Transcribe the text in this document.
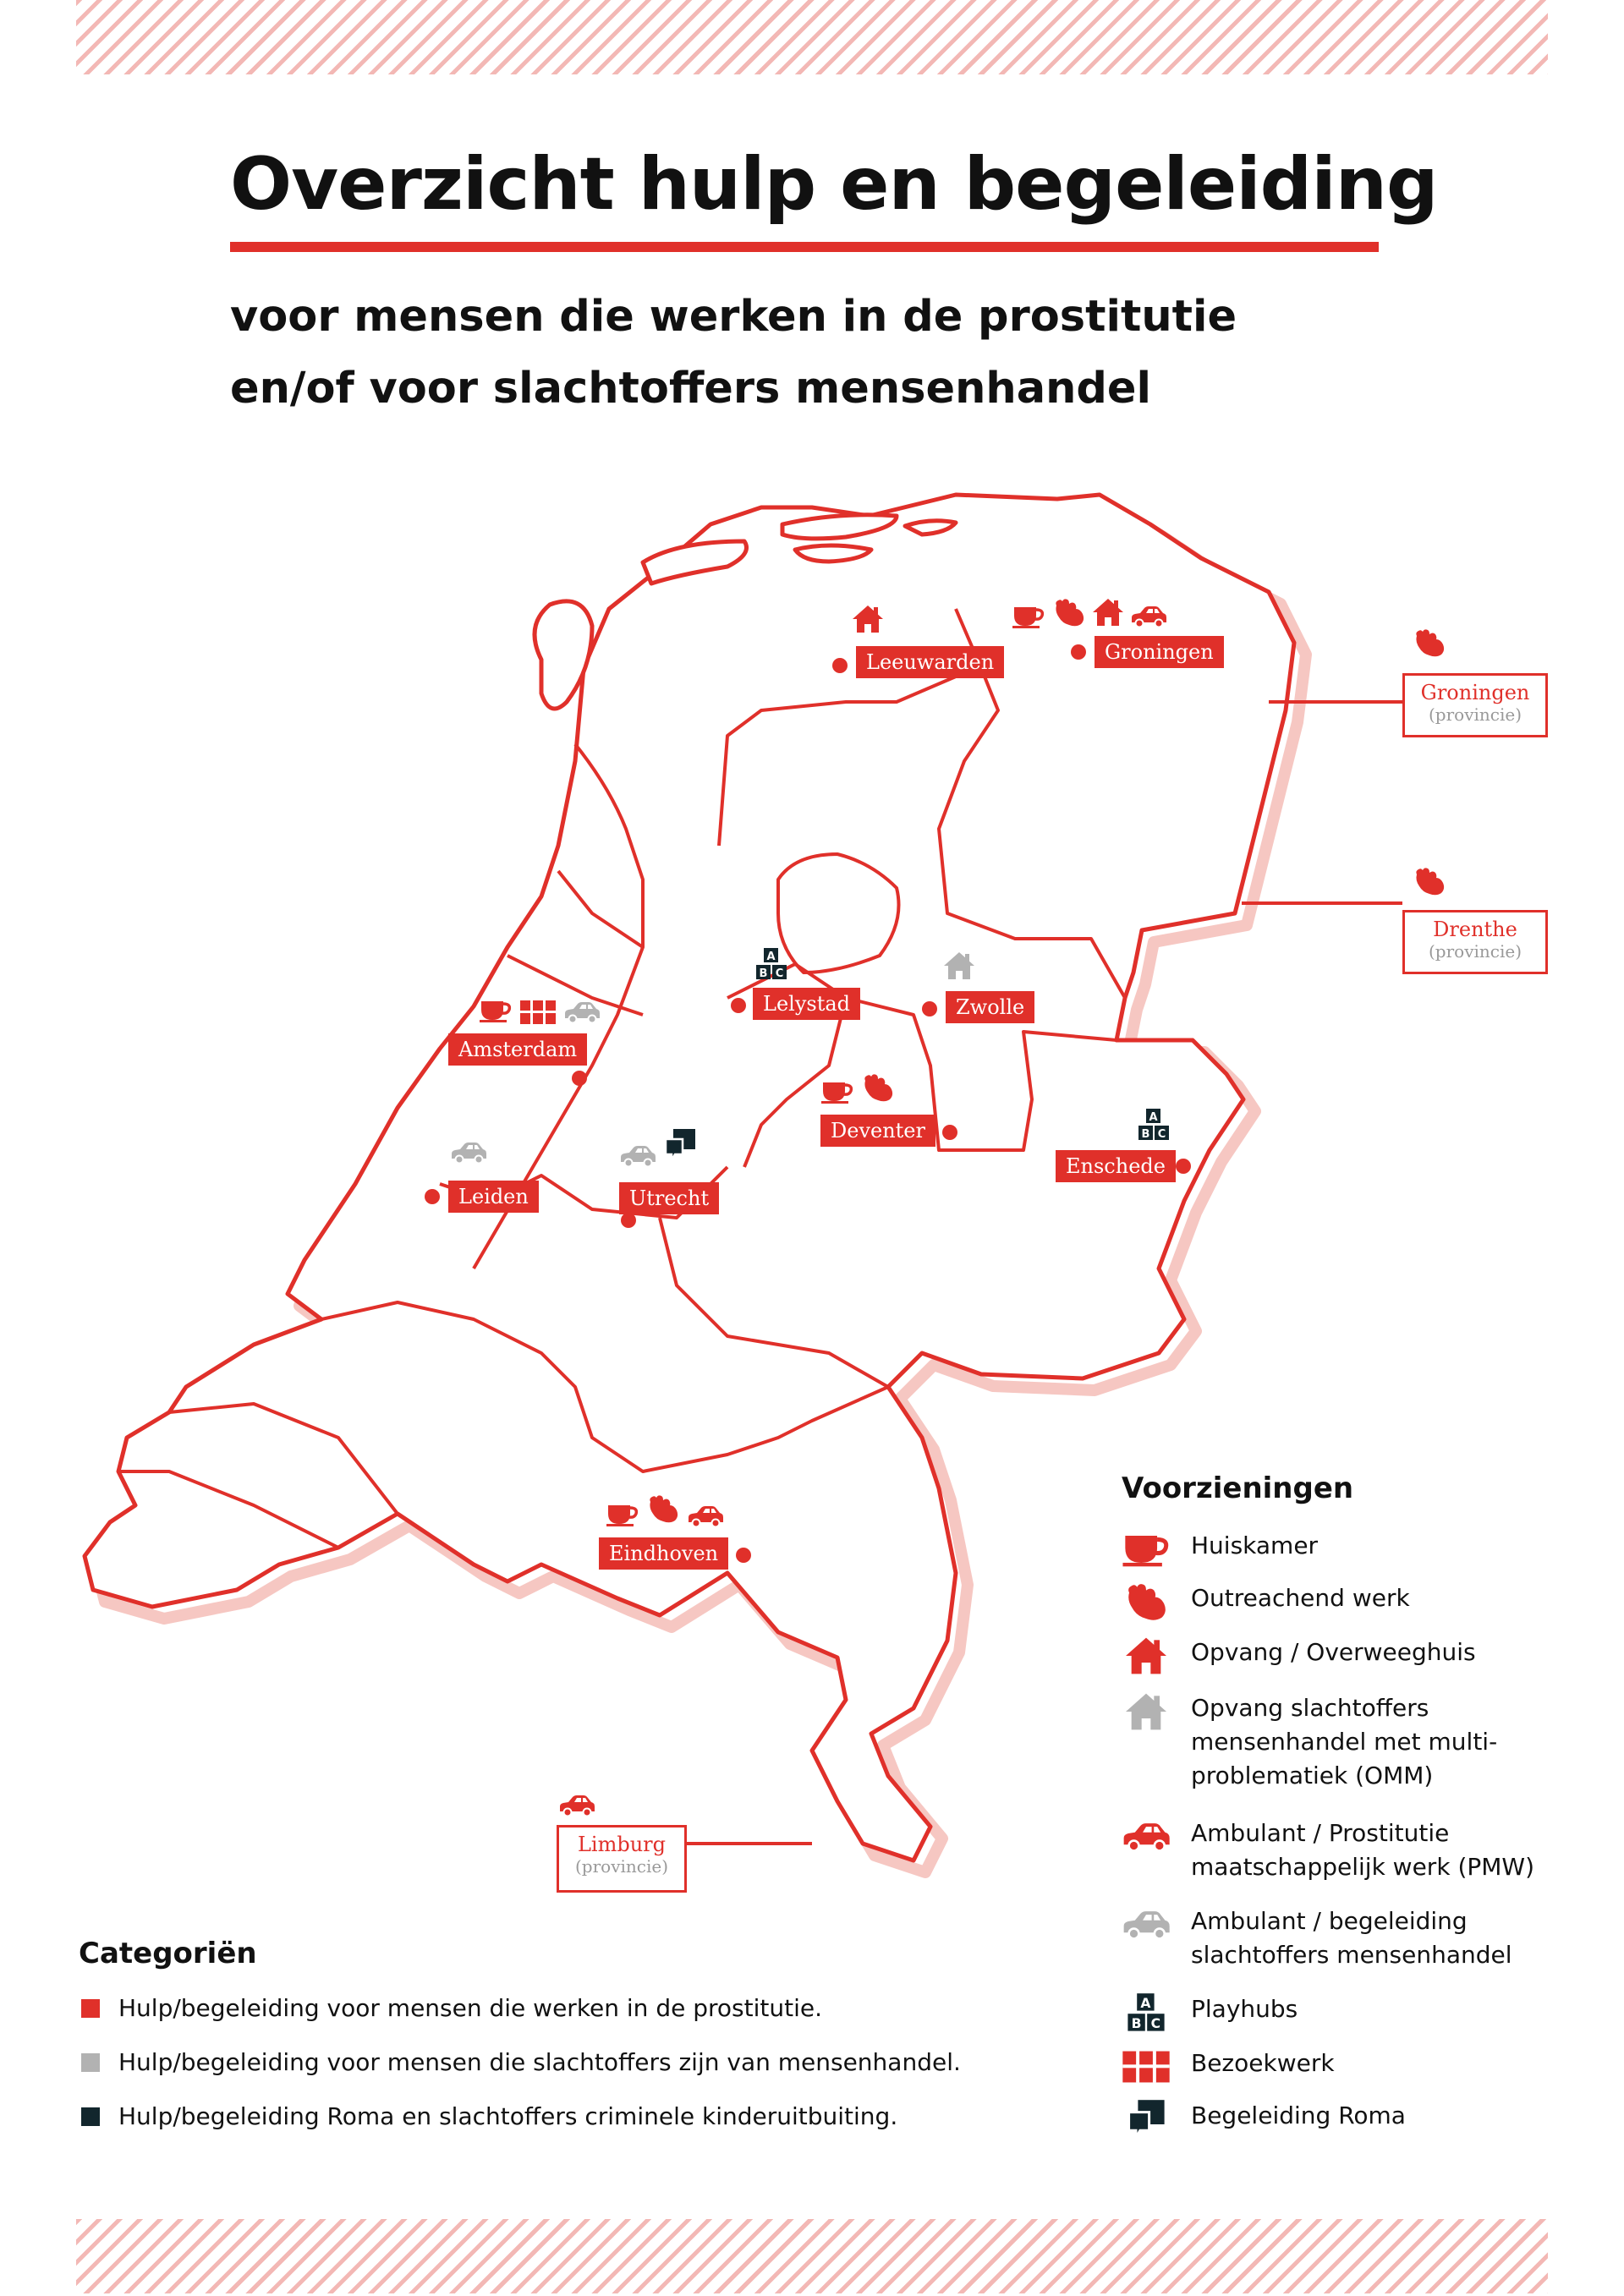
Overzicht hulp en begeleiding

voor mensen die werken in de prostitutie

en/of voor slachtoffers mensenhandel

Leeuwarden	Groningen
Lelystad	Zwolle
Amsterdam
Deventer
Enschede
Leiden	Utrecht
Eindhoven
Groningen
(provincie)
Drenthe
(provincie)
Limburg
(provincie)
Voorzieningen
Huiskamer
Outreachend werk
Opvang / Overweeghuis
Opvang slachtoffers mensenhandel met multi-problematiek (OMM)
Ambulant / Prostitutie maatschappelijk werk (PMW)
Ambulant / begeleiding slachtoffers mensenhandel
Playhubs
Bezoekwerk
Begeleiding Roma
Categoriën
Hulp/begeleiding voor mensen die werken in de prostitutie.
Hulp/begeleiding voor mensen die slachtoffers zijn van mensenhandel.
Hulp/begeleiding Roma en slachtoffers criminele kinderuitbuiting.
